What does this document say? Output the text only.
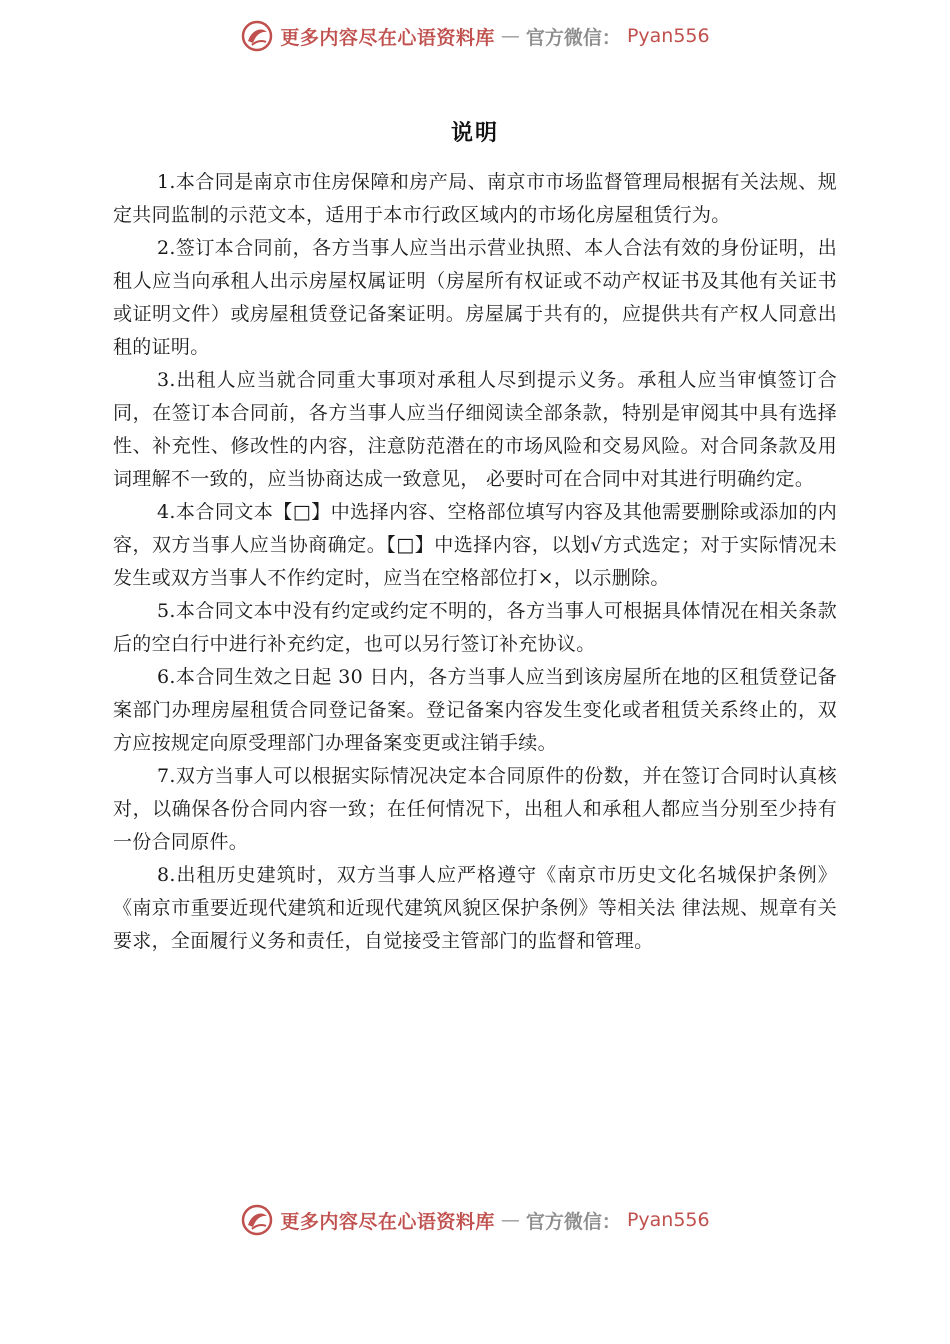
更多内容尽在心语资料库 — 官方微信： Pyan556
说明

1.本合同是南京市住房保障和房产局、南京市市场监督管理局根据有关法规、规定共同监制的示范文本，适用于本市行政区域内的市场化房屋租赁行为。

2.签订本合同前，各方当事人应当出示营业执照、本人合法有效的身份证明，出租人应当向承租人出示房屋权属证明（房屋所有权证或不动产权证书及其他有关证书或证明文件）或房屋租赁登记备案证明。房屋属于共有的，应提供共有产权人同意出租的证明。

3.出租人应当就合同重大事项对承租人尽到提示义务。承租人应当审慎签订合同，在签订本合同前，各方当事人应当仔细阅读全部条款，特别是审阅其中具有选择性、补充性、修改性的内容，注意防范潜在的市场风险和交易风险。对合同条款及用词理解不一致的，应当协商达成一致意见， 必要时可在合同中对其进行明确约定。

4.本合同文本【□】中选择内容、空格部位填写内容及其他需要删除或添加的内容，双方当事人应当协商确定。【□】中选择内容，以划√方式选定；对于实际情况未发生或双方当事人不作约定时，应当在空格部位打×，以示删除。

5.本合同文本中没有约定或约定不明的，各方当事人可根据具体情况在相关条款后的空白行中进行补充约定，也可以另行签订补充协议。

6.本合同生效之日起 30 日内，各方当事人应当到该房屋所在地的区租赁登记备案部门办理房屋租赁合同登记备案。登记备案内容发生变化或者租赁关系终止的，双方应按规定向原受理部门办理备案变更或注销手续。

7.双方当事人可以根据实际情况决定本合同原件的份数，并在签订合同时认真核对，以确保各份合同内容一致；在任何情况下，出租人和承租人都应当分别至少持有一份合同原件。

8.出租历史建筑时，双方当事人应严格遵守《南京市历史文化名城保护条例》《南京市重要近现代建筑和近现代建筑风貌区保护条例》等相关法 律法规、规章有关要求，全面履行义务和责任，自觉接受主管部门的监督和管理。

更多内容尽在心语资料库 — 官方微信： Pyan556
